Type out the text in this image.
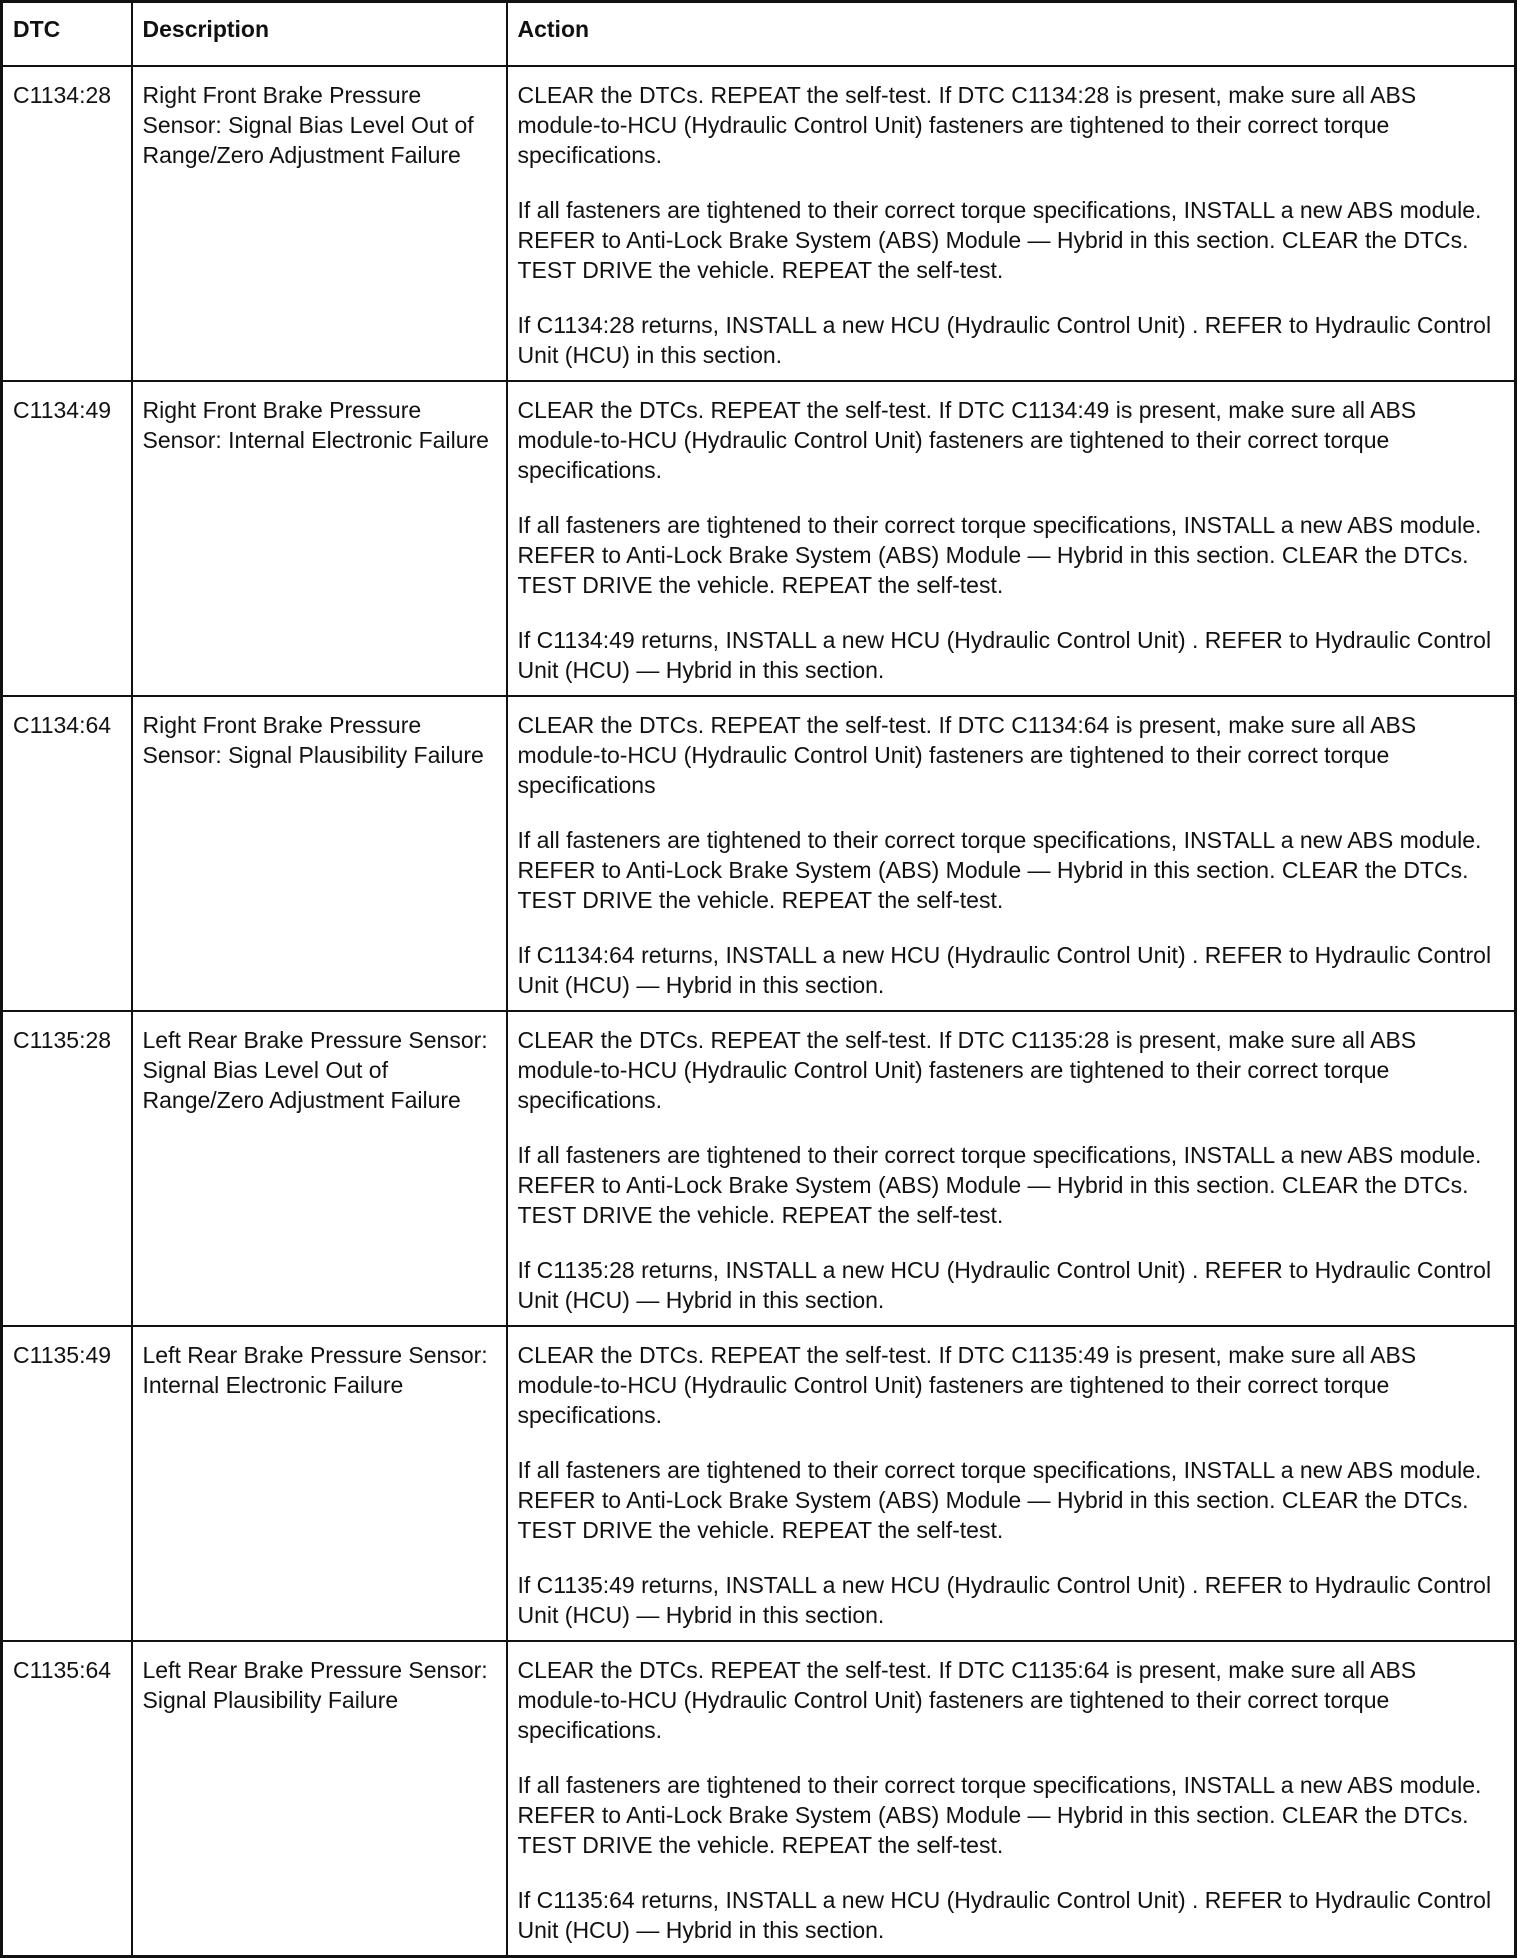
DTC	Description	Action
C1134:28	Right Front Brake Pressure Sensor: Signal Bias Level Out of Range/Zero Adjustment Failure	CLEAR the DTCs. REPEAT the self-test. If DTC C1134:28 is present, make sure all ABS module-to-HCU (Hydraulic Control Unit) fasteners are tightened to their correct torque specifications.

If all fasteners are tightened to their correct torque specifications, INSTALL a new ABS module. REFER to Anti-Lock Brake System (ABS) Module — Hybrid in this section. CLEAR the DTCs. TEST DRIVE the vehicle. REPEAT the self-test.

If C1134:28 returns, INSTALL a new HCU (Hydraulic Control Unit) . REFER to Hydraulic Control Unit (HCU) in this section.

C1134:49	Right Front Brake Pressure Sensor: Internal Electronic Failure	CLEAR the DTCs. REPEAT the self-test. If DTC C1134:49 is present, make sure all ABS module-to-HCU (Hydraulic Control Unit) fasteners are tightened to their correct torque specifications.

If all fasteners are tightened to their correct torque specifications, INSTALL a new ABS module. REFER to Anti-Lock Brake System (ABS) Module — Hybrid in this section. CLEAR the DTCs. TEST DRIVE the vehicle. REPEAT the self-test.

If C1134:49 returns, INSTALL a new HCU (Hydraulic Control Unit) . REFER to Hydraulic Control Unit (HCU) — Hybrid in this section.

C1134:64	Right Front Brake Pressure Sensor: Signal Plausibility Failure	CLEAR the DTCs. REPEAT the self-test. If DTC C1134:64 is present, make sure all ABS module-to-HCU (Hydraulic Control Unit) fasteners are tightened to their correct torque specifications

If all fasteners are tightened to their correct torque specifications, INSTALL a new ABS module. REFER to Anti-Lock Brake System (ABS) Module — Hybrid in this section. CLEAR the DTCs. TEST DRIVE the vehicle. REPEAT the self-test.

If C1134:64 returns, INSTALL a new HCU (Hydraulic Control Unit) . REFER to Hydraulic Control Unit (HCU) — Hybrid in this section.

C1135:28	Left Rear Brake Pressure Sensor: Signal Bias Level Out of Range/Zero Adjustment Failure	CLEAR the DTCs. REPEAT the self-test. If DTC C1135:28 is present, make sure all ABS module-to-HCU (Hydraulic Control Unit) fasteners are tightened to their correct torque specifications.

If all fasteners are tightened to their correct torque specifications, INSTALL a new ABS module. REFER to Anti-Lock Brake System (ABS) Module — Hybrid in this section. CLEAR the DTCs. TEST DRIVE the vehicle. REPEAT the self-test.

If C1135:28 returns, INSTALL a new HCU (Hydraulic Control Unit) . REFER to Hydraulic Control Unit (HCU) — Hybrid in this section.

C1135:49	Left Rear Brake Pressure Sensor: Internal Electronic Failure	CLEAR the DTCs. REPEAT the self-test. If DTC C1135:49 is present, make sure all ABS module-to-HCU (Hydraulic Control Unit) fasteners are tightened to their correct torque specifications.

If all fasteners are tightened to their correct torque specifications, INSTALL a new ABS module. REFER to Anti-Lock Brake System (ABS) Module — Hybrid in this section. CLEAR the DTCs. TEST DRIVE the vehicle. REPEAT the self-test.

If C1135:49 returns, INSTALL a new HCU (Hydraulic Control Unit) . REFER to Hydraulic Control Unit (HCU) — Hybrid in this section.

C1135:64	Left Rear Brake Pressure Sensor: Signal Plausibility Failure	CLEAR the DTCs. REPEAT the self-test. If DTC C1135:64 is present, make sure all ABS module-to-HCU (Hydraulic Control Unit) fasteners are tightened to their correct torque specifications.

If all fasteners are tightened to their correct torque specifications, INSTALL a new ABS module. REFER to Anti-Lock Brake System (ABS) Module — Hybrid in this section. CLEAR the DTCs. TEST DRIVE the vehicle. REPEAT the self-test.

If C1135:64 returns, INSTALL a new HCU (Hydraulic Control Unit) . REFER to Hydraulic Control Unit (HCU) — Hybrid in this section.
